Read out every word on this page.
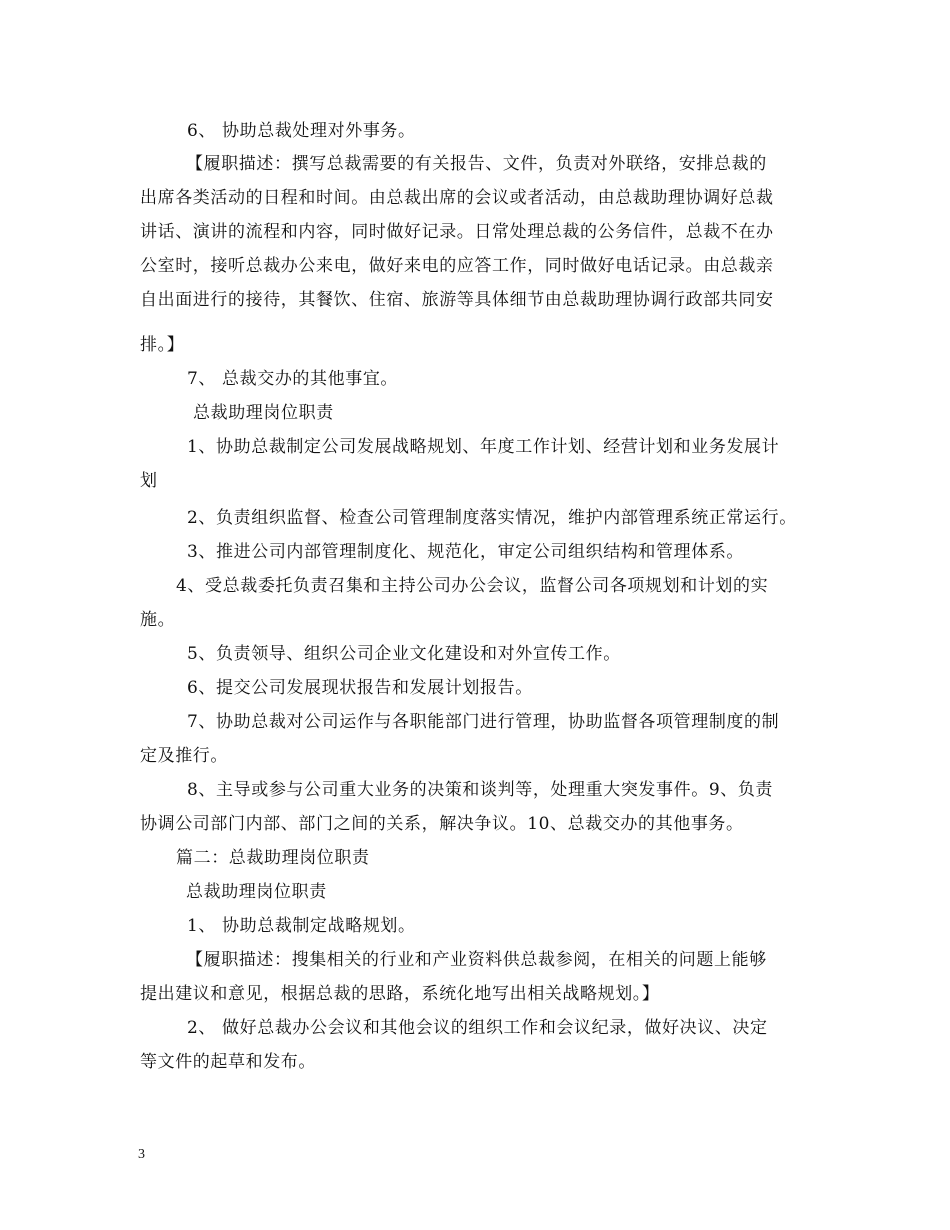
6、 协助总裁处理对外事务。
【履职描述：撰写总裁需要的有关报告、文件，负责对外联络，安排总裁的
出席各类活动的日程和时间。由总裁出席的会议或者活动，由总裁助理协调好总裁
讲话、演讲的流程和内容，同时做好记录。日常处理总裁的公务信件，总裁不在办
公室时，接听总裁办公来电，做好来电的应答工作，同时做好电话记录。由总裁亲
自出面进行的接待，其餐饮、住宿、旅游等具体细节由总裁助理协调行政部共同安
排。】
7、 总裁交办的其他事宜。
总裁助理岗位职责
1、协助总裁制定公司发展战略规划、年度工作计划、经营计划和业务发展计
划
2、负责组织监督、检查公司管理制度落实情况，维护内部管理系统正常运行。
3、推进公司内部管理制度化、规范化，审定公司组织结构和管理体系。
4、受总裁委托负责召集和主持公司办公会议，监督公司各项规划和计划的实
施。
5、负责领导、组织公司企业文化建设和对外宣传工作。
6、提交公司发展现状报告和发展计划报告。
7、协助总裁对公司运作与各职能部门进行管理，协助监督各项管理制度的制
定及推行。
8、主导或参与公司重大业务的决策和谈判等，处理重大突发事件。9、负责
协调公司部门内部、部门之间的关系，解决争议。10、总裁交办的其他事务。
篇二：总裁助理岗位职责
总裁助理岗位职责
1、 协助总裁制定战略规划。
【履职描述：搜集相关的行业和产业资料供总裁参阅，在相关的问题上能够
提出建议和意见，根据总裁的思路，系统化地写出相关战略规划。】
2、 做好总裁办公会议和其他会议的组织工作和会议纪录，做好决议、决定
等文件的起草和发布。
3
